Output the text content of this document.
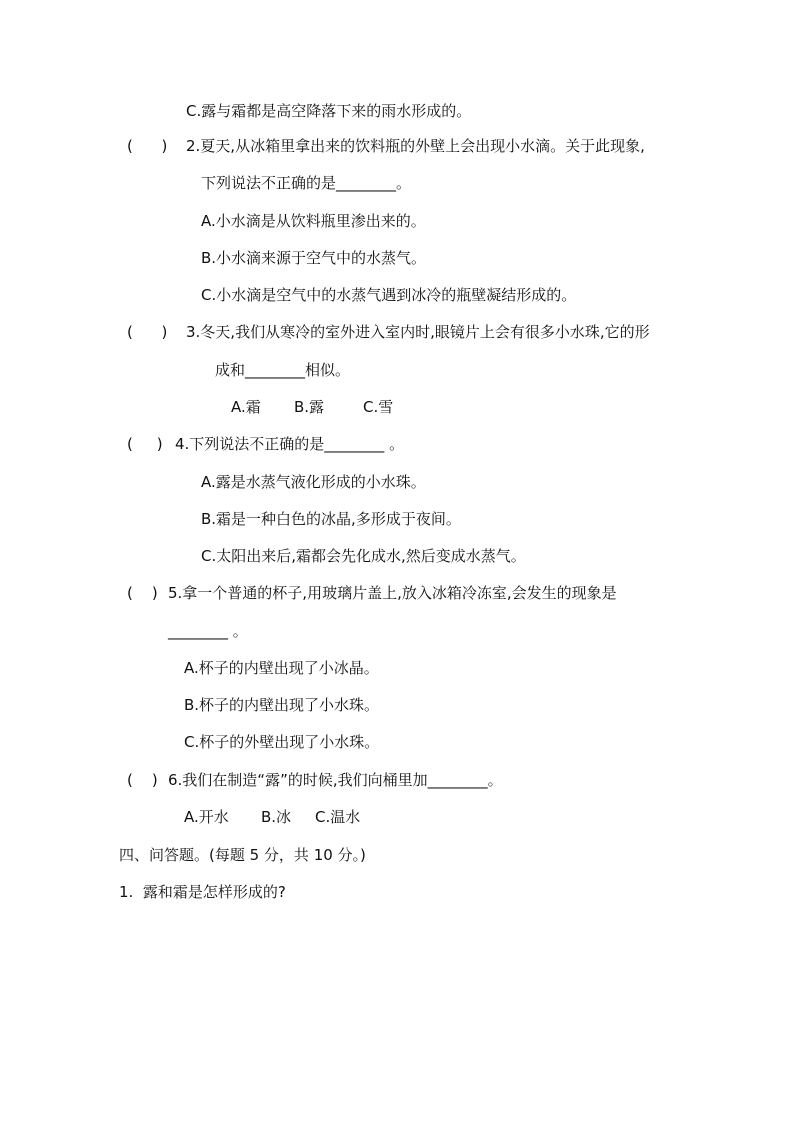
C.露与霜都是高空降落下来的雨水形成的。
(      ) 2.夏天,从冰箱里拿出来的饮料瓶的外壁上会出现小水滴。关于此现象,
下列说法不正确的是________。
A.小水滴是从饮料瓶里渗出来的。
B.小水滴来源于空气中的水蒸气。
C.小水滴是空气中的水蒸气遇到冰冷的瓶壁凝结形成的。
(      ) 3.冬天,我们从寒冷的室外进入室内时,眼镜片上会有很多小水珠,它的形
成和________相似。
A.霜 B.露	C.雪
(     ) 4.下列说法不正确的是________ 。
A.露是水蒸气液化形成的小水珠。
B.霜是一种白色的冰晶,多形成于夜间。
C.太阳出来后,霜都会先化成水,然后变成水蒸气。
(    ) 5.拿一个普通的杯子,用玻璃片盖上,放入冰箱冷冻室,会发生的现象是
________ 。
A.杯子的内壁出现了小冰晶。
B.杯子的内壁出现了小水珠。
C.杯子的外壁出现了小水珠。
(    ) 6.我们在制造“露”的时候,我们向桶里加________。
A.开水 B.冰 C.温水
四、问答题。(每题 5 分，共 10 分。)
1.  露和霜是怎样形成的?
